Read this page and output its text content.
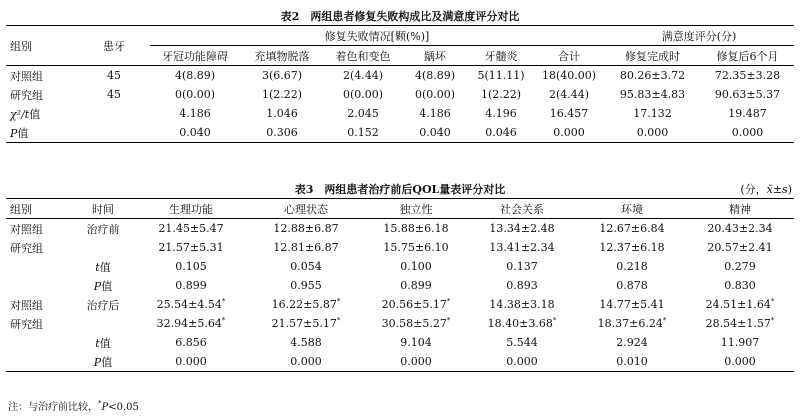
表2　两组患者修复失败构成比及满意度评分对比
组别	患牙	修复失败情况[颗(%)]						满意度评分(分)	
		牙冠功能障碍	充填物脱落	着色和变色	龋坏	牙髓炎	合计	修复完成时	修复后6个月
对照组	45	4(8.89)	3(6.67)	2(4.44)	4(8.89)	5(11.11)	18(40.00)	80.26±3.72	72.35±3.28
研究组	45	0(0.00)	1(2.22)	0(0.00)	0(0.00)	1(2.22)	2(4.44)	95.83±4.83	90.63±5.37
χ²/t值		4.186	1.046	2.045	4.186	4.196	16.457	17.132	19.487
P值		0.040	0.306	0.152	0.040	0.046	0.000	0.000	0.000
表3　两组患者治疗前后QOL量表评分对比	(分，x̄±s)
组别	时间	生理功能	心理状态	独立性	社会关系	环境	精神
对照组	治疗前	21.45±5.47	12.88±6.87	15.88±6.18	13.34±2.48	12.67±6.84	20.43±2.34
研究组		21.57±5.31	12.81±6.87	15.75±6.10	13.41±2.34	12.37±6.18	20.57±2.41
	t值	0.105	0.054	0.100	0.137	0.218	0.279
	P值	0.899	0.955	0.899	0.893	0.878	0.830
对照组	治疗后	25.54±4.54*	16.22±5.87*	20.56±5.17*	14.38±3.18	14.77±5.41	24.51±1.64*
研究组		32.94±5.64*	21.57±5.17*	30.58±5.27*	18.40±3.68*	18.37±6.24*	28.54±1.57*
	t值	6.856	4.588	9.104	5.544	2.924	11.907
	P值	0.000	0.000	0.000	0.000	0.010	0.000
注：与治疗前比较，*P<0.05
